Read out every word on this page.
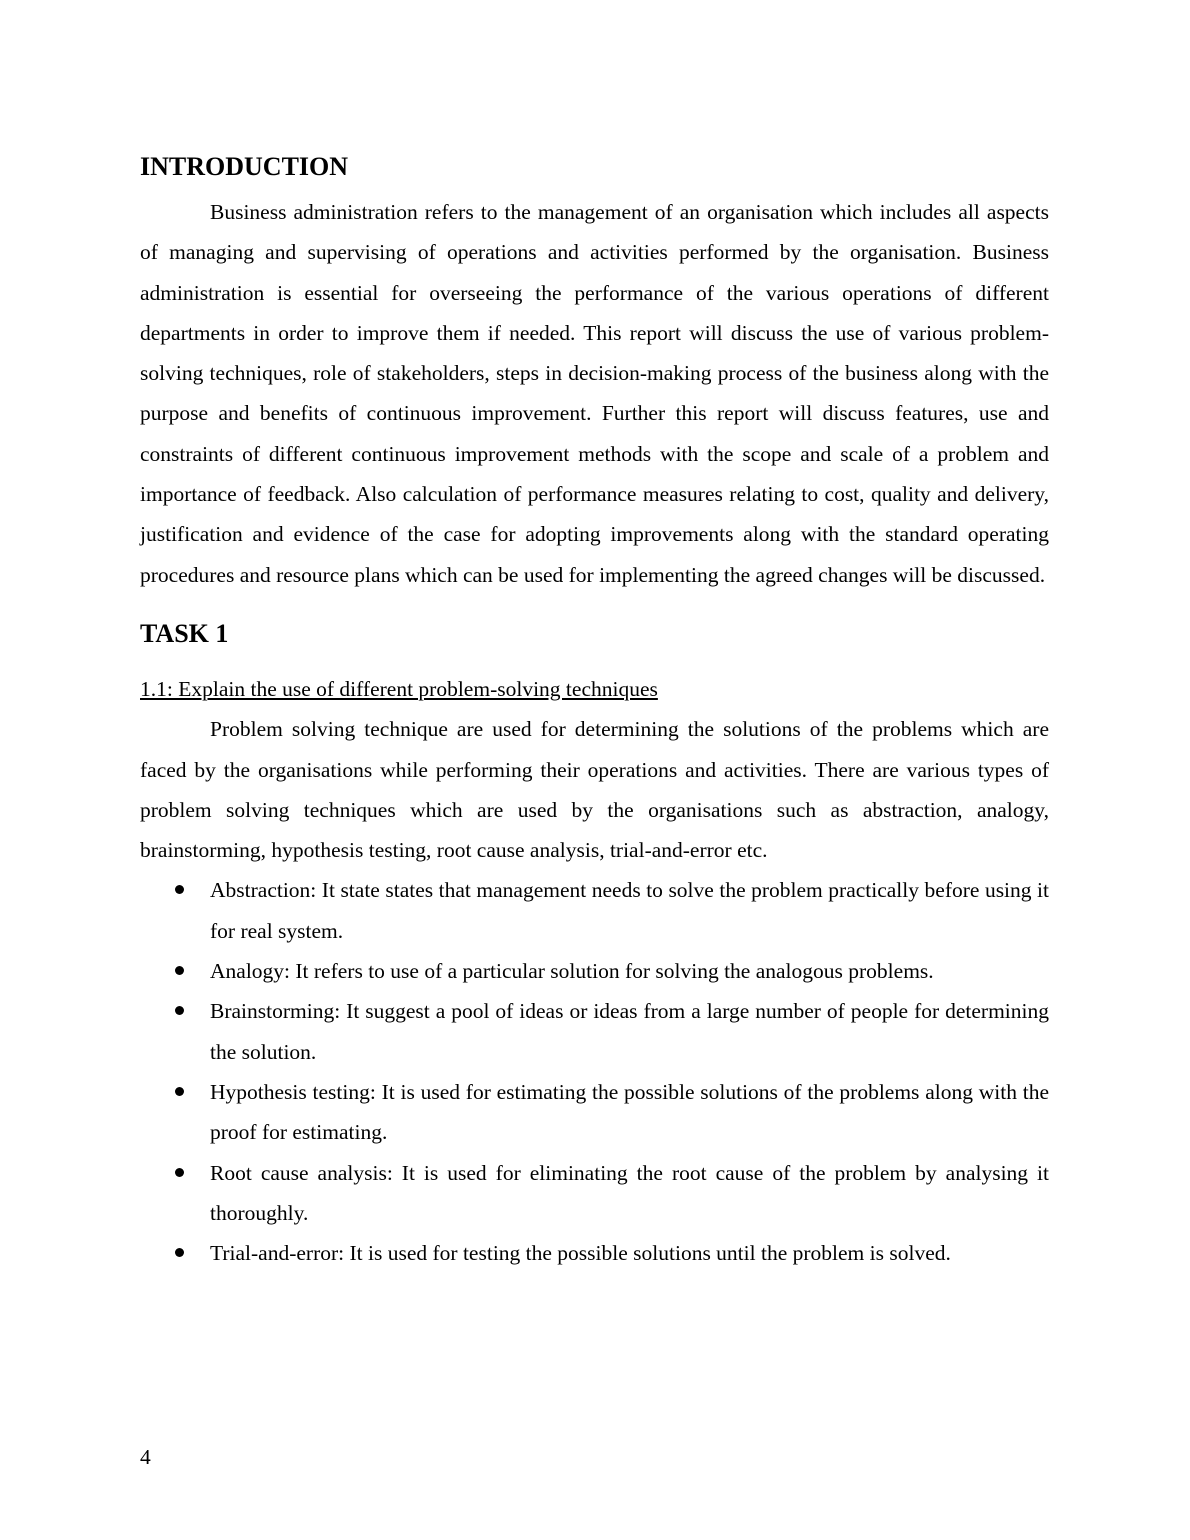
INTRODUCTION

Business administration refers to the management of an organisation which includes all aspects of managing and supervising of operations and activities performed by the organisation. Business administration is essential for overseeing the performance of the various operations of different departments in order to improve them if needed. This report will discuss the use of various problem-solving techniques, role of stakeholders, steps in decision-making process of the business along with the purpose and benefits of continuous improvement. Further this report will discuss features, use and constraints of different continuous improvement methods with the scope and scale of a problem and importance of feedback. Also calculation of performance measures relating to cost, quality and delivery, justification and evidence of the case for adopting improvements along with the standard operating procedures and resource plans which can be used for implementing the agreed changes will be discussed.

TASK 1
1.1: Explain the use of different problem-solving techniques

Problem solving technique are used for determining the solutions of the problems which are faced by the organisations while performing their operations and activities. There are various types of problem solving techniques which are used by the organisations such as abstraction, analogy, brainstorming, hypothesis testing, root cause analysis, trial-and-error etc.

Abstraction: It state states that management needs to solve the problem practically before using it for real system.
Analogy: It refers to use of a particular solution for solving the analogous problems.
Brainstorming: It suggest a pool of ideas or ideas from a large number of people for determining the solution.
Hypothesis testing: It is used for estimating the possible solutions of the problems along with the proof for estimating.
Root cause analysis: It is used for eliminating the root cause of the problem by analysing it thoroughly.
Trial-and-error: It is used for testing the possible solutions until the problem is solved.
4
